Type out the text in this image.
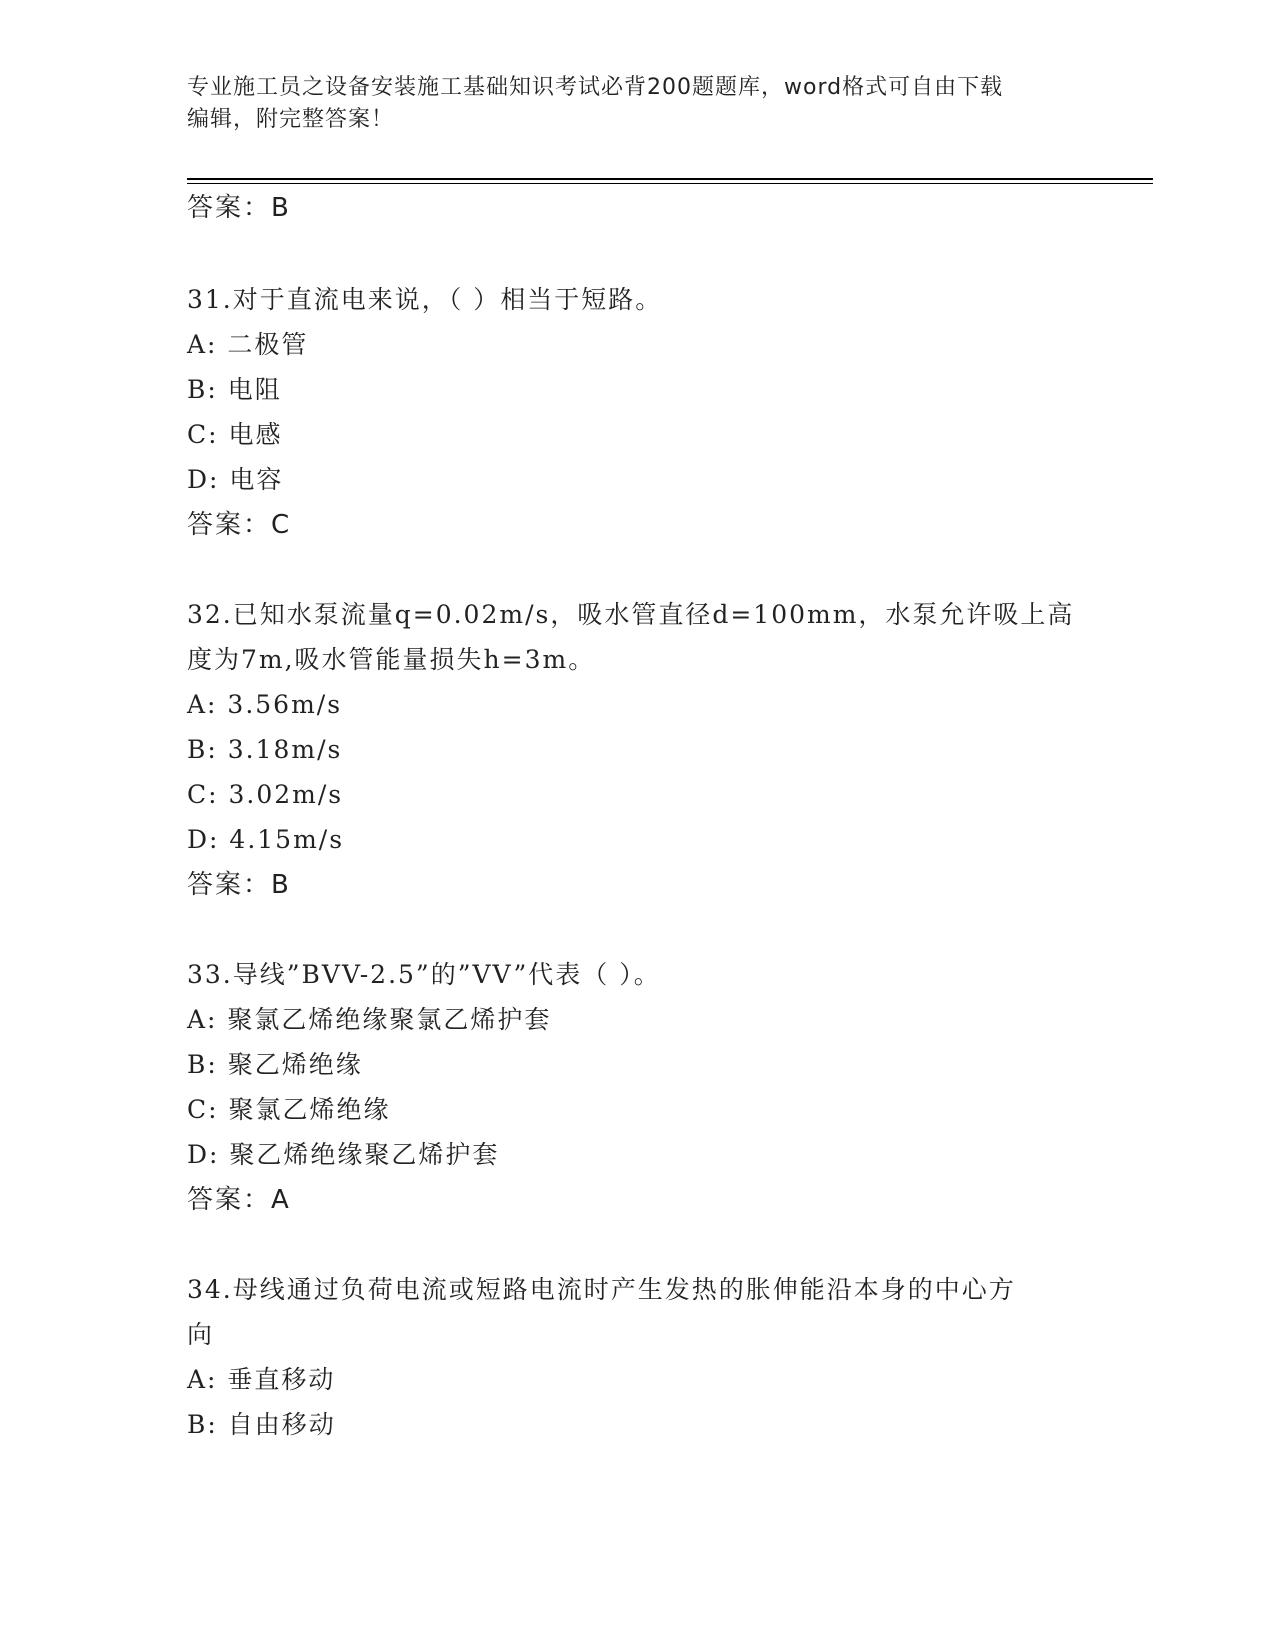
专业施工员之设备安装施工基础知识考试必背200题题库，word格式可自由下载
编辑，附完整答案！
答案：B
31.对于直流电来说，（ ）相当于短路。
A: 二极管
B: 电阻
C: 电感
D: 电容
答案：C
32.已知水泵流量q=0.02m/s，吸水管直径d=100mm，水泵允许吸上高
度为7m,吸水管能量损失h=3m。
A: 3.56m/s
B: 3.18m/s
C: 3.02m/s
D: 4.15m/s
答案：B
33.导线”BVV-2.5”的”VV”代表（ ）。
A: 聚氯乙烯绝缘聚氯乙烯护套
B: 聚乙烯绝缘
C: 聚氯乙烯绝缘
D: 聚乙烯绝缘聚乙烯护套
答案：A
34.母线通过负荷电流或短路电流时产生发热的胀伸能沿本身的中心方
向
A: 垂直移动
B: 自由移动
